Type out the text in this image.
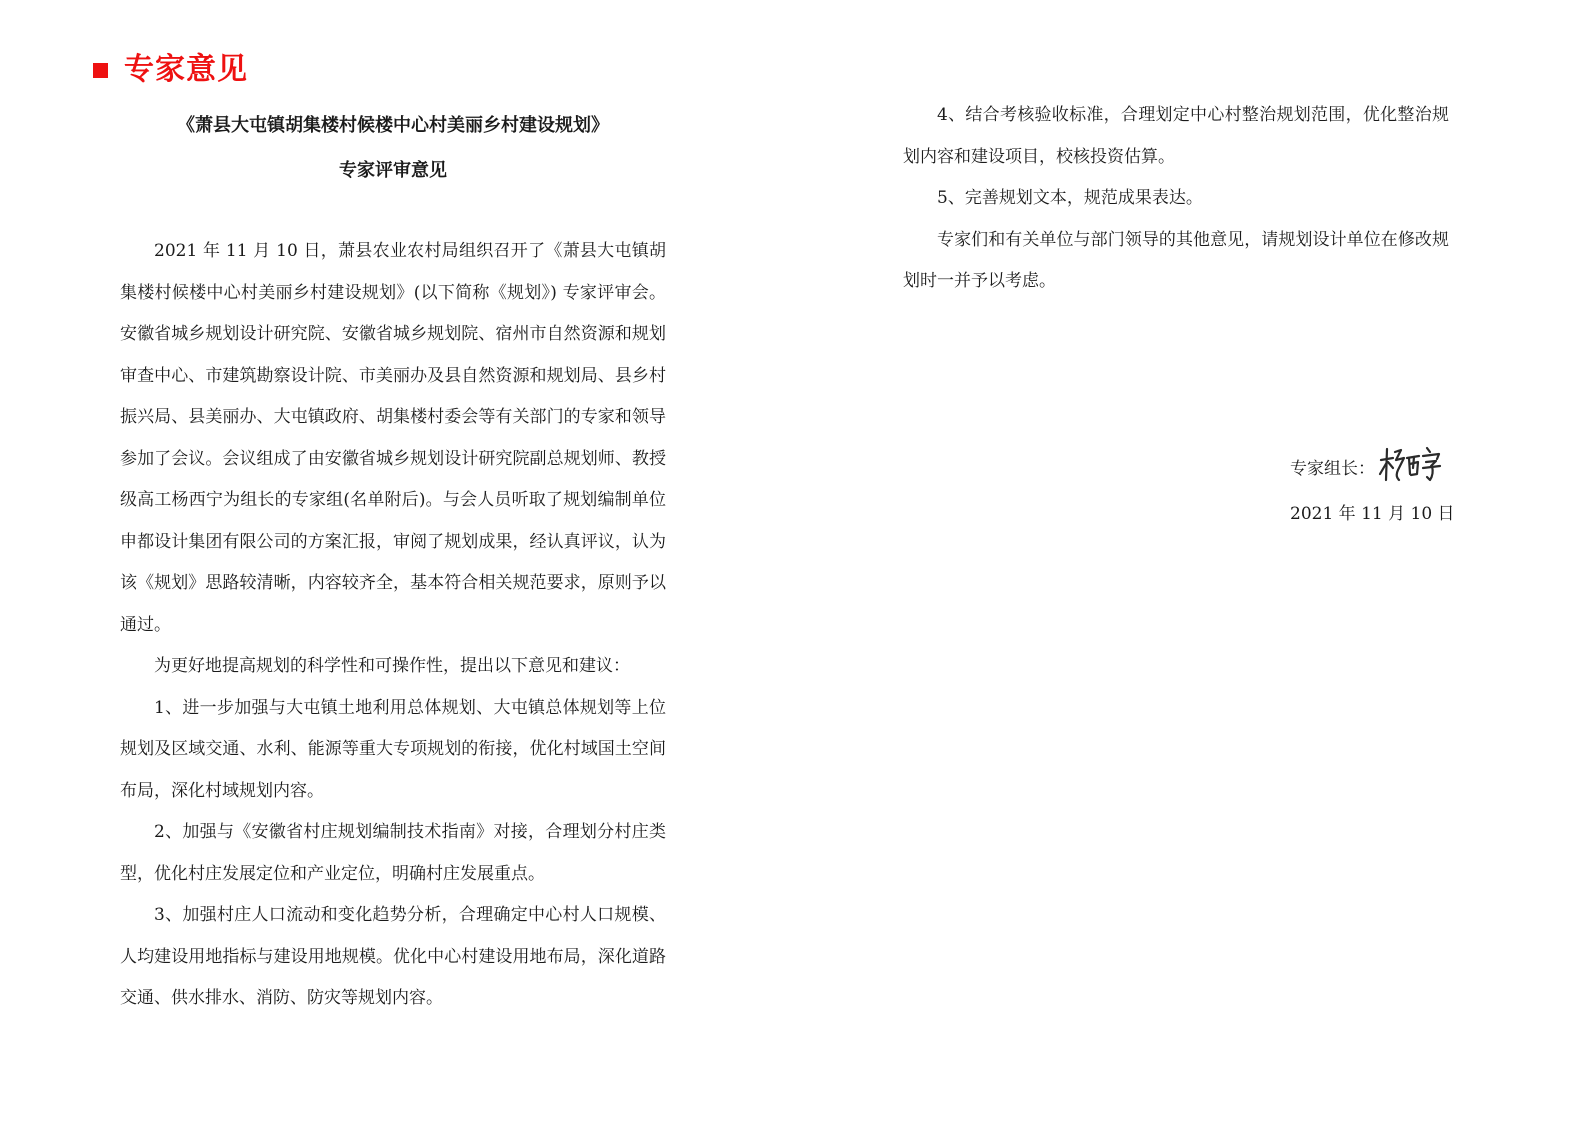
专家意见
《萧县大屯镇胡集楼村候楼中心村美丽乡村建设规划》
专家评审意见

2021 年 11 月 10 日，萧县农业农村局组织召开了《萧县大屯镇胡集楼村候楼中心村美丽乡村建设规划》(以下简称《规划》) 专家评审会。安徽省城乡规划设计研究院、安徽省城乡规划院、宿州市自然资源和规划审查中心、市建筑勘察设计院、市美丽办及县自然资源和规划局、县乡村振兴局、县美丽办、大屯镇政府、胡集楼村委会等有关部门的专家和领导参加了会议。会议组成了由安徽省城乡规划设计研究院副总规划师、教授级高工杨西宁为组长的专家组(名单附后)。与会人员听取了规划编制单位申都设计集团有限公司的方案汇报，审阅了规划成果，经认真评议，认为该《规划》思路较清晰，内容较齐全，基本符合相关规范要求，原则予以通过。

为更好地提高规划的科学性和可操作性，提出以下意见和建议：

1、进一步加强与大屯镇土地利用总体规划、大屯镇总体规划等上位规划及区域交通、水利、能源等重大专项规划的衔接，优化村域国土空间布局，深化村域规划内容。

2、加强与《安徽省村庄规划编制技术指南》对接，合理划分村庄类型，优化村庄发展定位和产业定位，明确村庄发展重点。

3、加强村庄人口流动和变化趋势分析，合理确定中心村人口规模、人均建设用地指标与建设用地规模。优化中心村建设用地布局，深化道路交通、供水排水、消防、防灾等规划内容。

4、结合考核验收标准，合理划定中心村整治规划范围，优化整治规划内容和建设项目，校核投资估算。

5、完善规划文本，规范成果表达。

专家们和有关单位与部门领导的其他意见，请规划设计单位在修改规划时一并予以考虑。

专家组长：
2021 年 11 月 10 日
